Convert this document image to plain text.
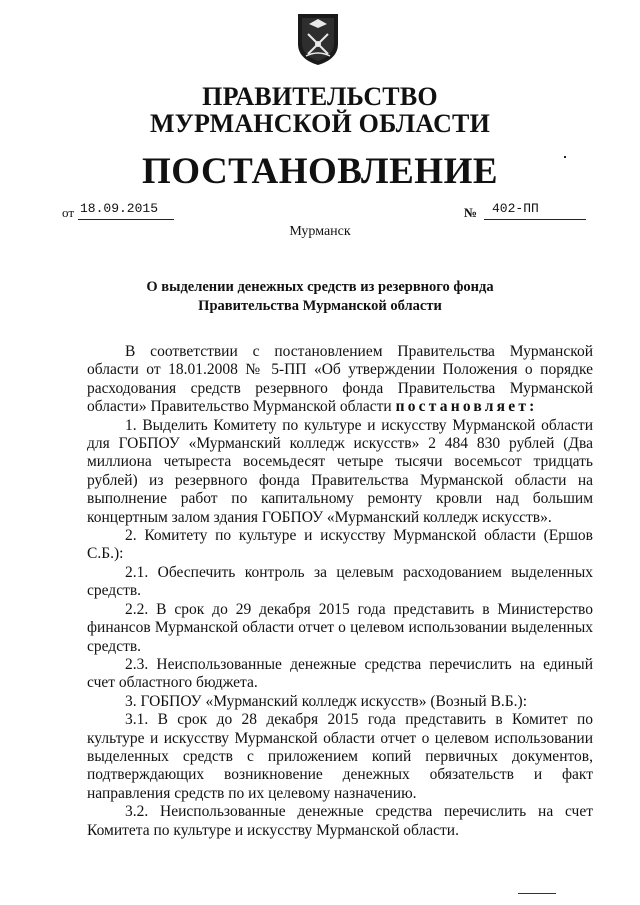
ПРАВИТЕЛЬСТВО
МУРМАНСКОЙ ОБЛАСТИ
ПОСТАНОВЛЕНИЕ
от 18.09.2015	№	402-ПП
Мурманск
О выделении денежных средств из резервного фонда
Правительства Мурманской области

В соответствии с постановлением Правительства Мурманской области от 18.01.2008 № 5-ПП «Об утверждении Положения о порядке расходования средств резервного фонда Правительства Мурманской области» Правительство Мурманской области постановляет:

1. Выделить Комитету по культуре и искусству Мурманской области для ГОБПОУ «Мурманский колледж искусств» 2 484 830 рублей (Два миллиона четыреста восемьдесят четыре тысячи восемьсот тридцать рублей) из резервного фонда Правительства Мурманской области на выполнение работ по капитальному ремонту кровли над большим концертным залом здания ГОБПОУ «Мурманский колледж искусств».

2. Комитету по культуре и искусству Мурманской области (Ершов С.Б.):

2.1. Обеспечить контроль за целевым расходованием выделенных средств.

2.2. В срок до 29 декабря 2015 года представить в Министерство финансов Мурманской области отчет о целевом использовании выделенных средств.

2.3. Неиспользованные денежные средства перечислить на единый счет областного бюджета.

3. ГОБПОУ «Мурманский колледж искусств» (Возный В.Б.):

3.1. В срок до 28 декабря 2015 года представить в Комитет по культуре и искусству Мурманской области отчет о целевом использовании выделенных средств с приложением копий первичных документов, подтверждающих возникновение денежных обязательств и факт направления средств по их целевому назначению.

3.2. Неиспользованные денежные средства перечислить на счет Комитета по культуре и искусству Мурманской области.
